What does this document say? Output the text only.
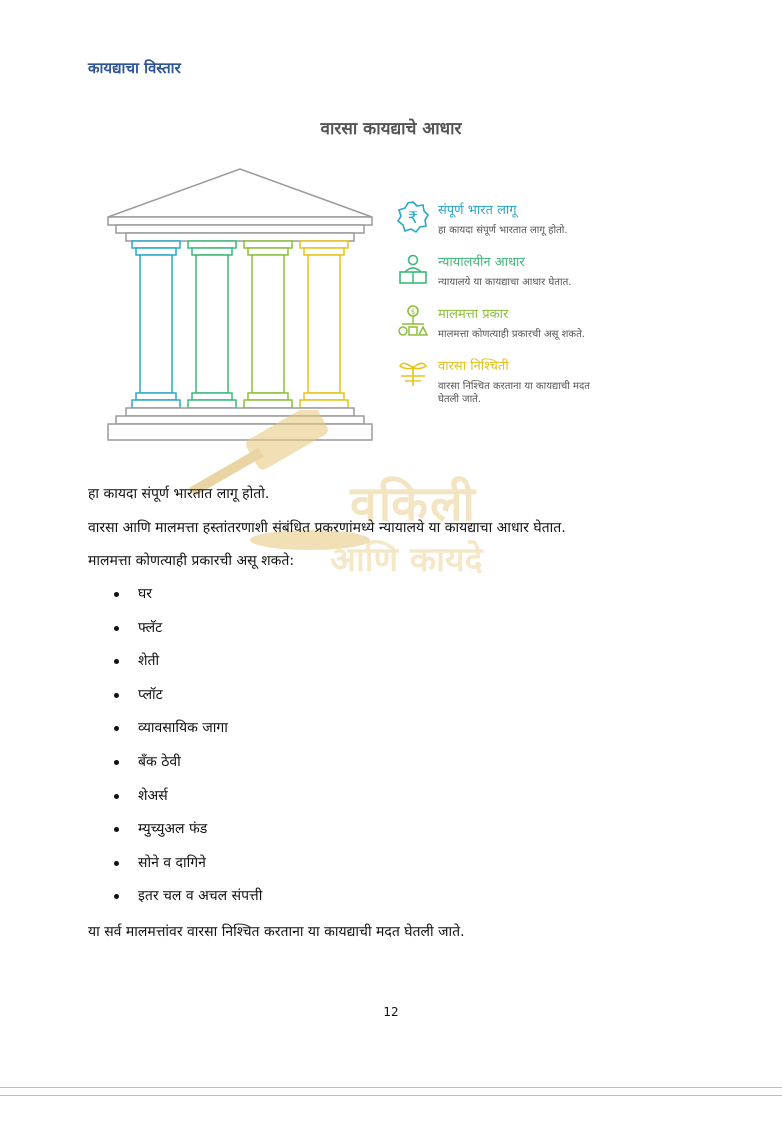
कायद्याचा विस्तार
वारसा कायद्याचे आधार
₹ संपूर्ण भारत लागू
हा कायदा संपूर्ण भारतात लागू होतो.
न्यायालयीन आधार
न्यायालये या कायद्याचा आधार घेतात.
$ मालमत्ता प्रकार
मालमत्ता कोणत्याही प्रकारची असू शकते.
वारसा निश्चिती
वारसा निश्चित करताना या कायद्याची मदत घेतली जाते.
वकिली
आणि कायदे
हा कायदा संपूर्ण भारतात लागू होतो.
वारसा आणि मालमत्ता हस्तांतरणाशी संबंधित प्रकरणांमध्ये न्यायालये या कायद्याचा आधार घेतात.
मालमत्ता कोणत्याही प्रकारची असू शकते:
घर
फ्लॅट
शेती
प्लॉट
व्यावसायिक जागा
बँक ठेवी
शेअर्स
म्युच्युअल फंड
सोने व दागिने
इतर चल व अचल संपत्ती
या सर्व मालमत्तांवर वारसा निश्चित करताना या कायद्याची मदत घेतली जाते.
12
